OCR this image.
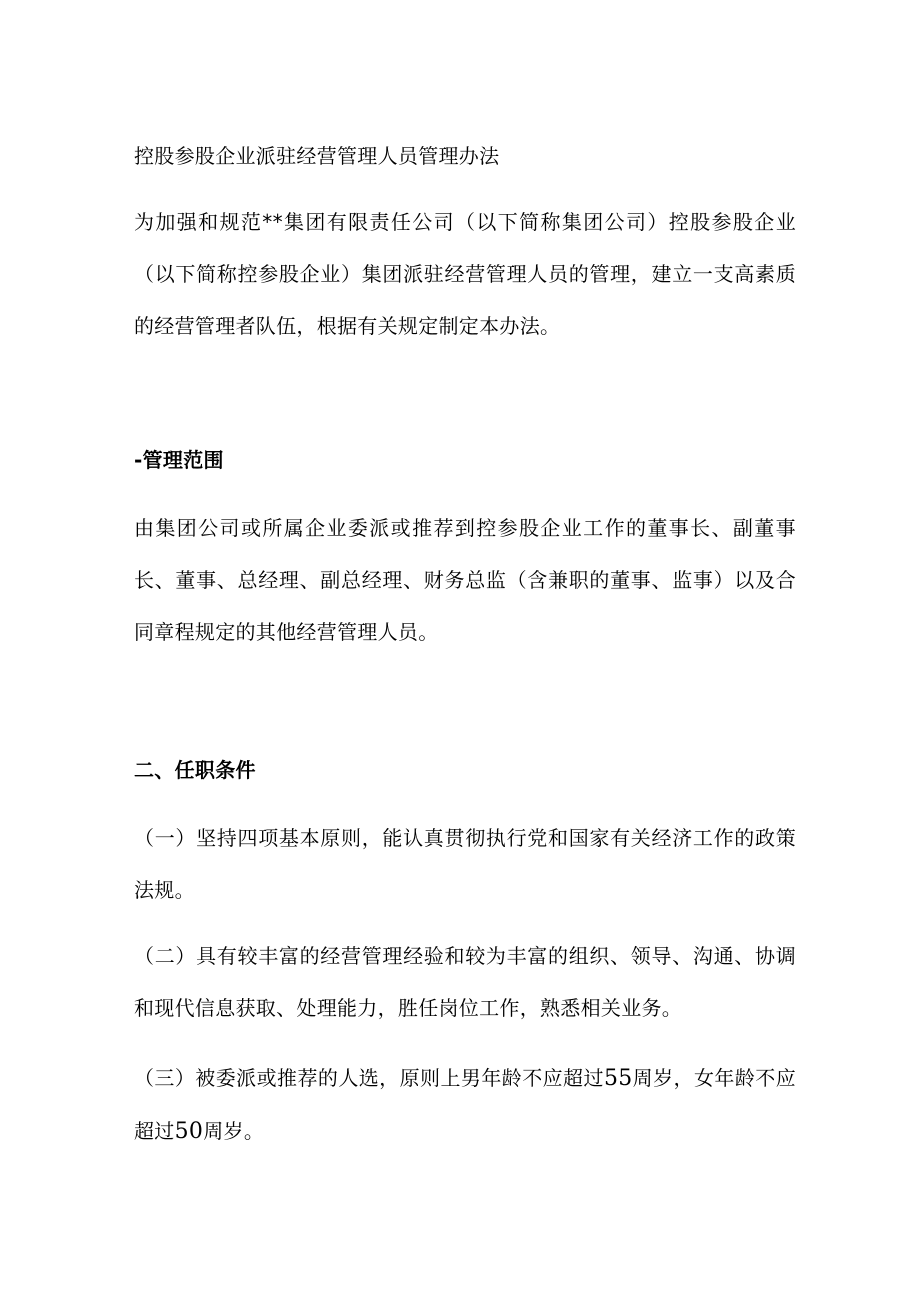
控股参股企业派驻经营管理人员管理办法

为加强和规范**集团有限责任公司（以下简称集团公司）控股参股企业（以下简称控参股企业）集团派驻经营管理人员的管理，建立一支高素质的经营管理者队伍，根据有关规定制定本办法。

-管理范围

由集团公司或所属企业委派或推荐到控参股企业工作的董事长、副董事长、董事、总经理、副总经理、财务总监（含兼职的董事、监事）以及合同章程规定的其他经营管理人员。

二、任职条件

（一）坚持四项基本原则，能认真贯彻执行党和国家有关经济工作的政策法规。

（二）具有较丰富的经营管理经验和较为丰富的组织、领导、沟通、协调和现代信息获取、处理能力，胜任岗位工作，熟悉相关业务。

（三）被委派或推荐的人选，原则上男年龄不应超过55周岁，女年龄不应超过50周岁。
